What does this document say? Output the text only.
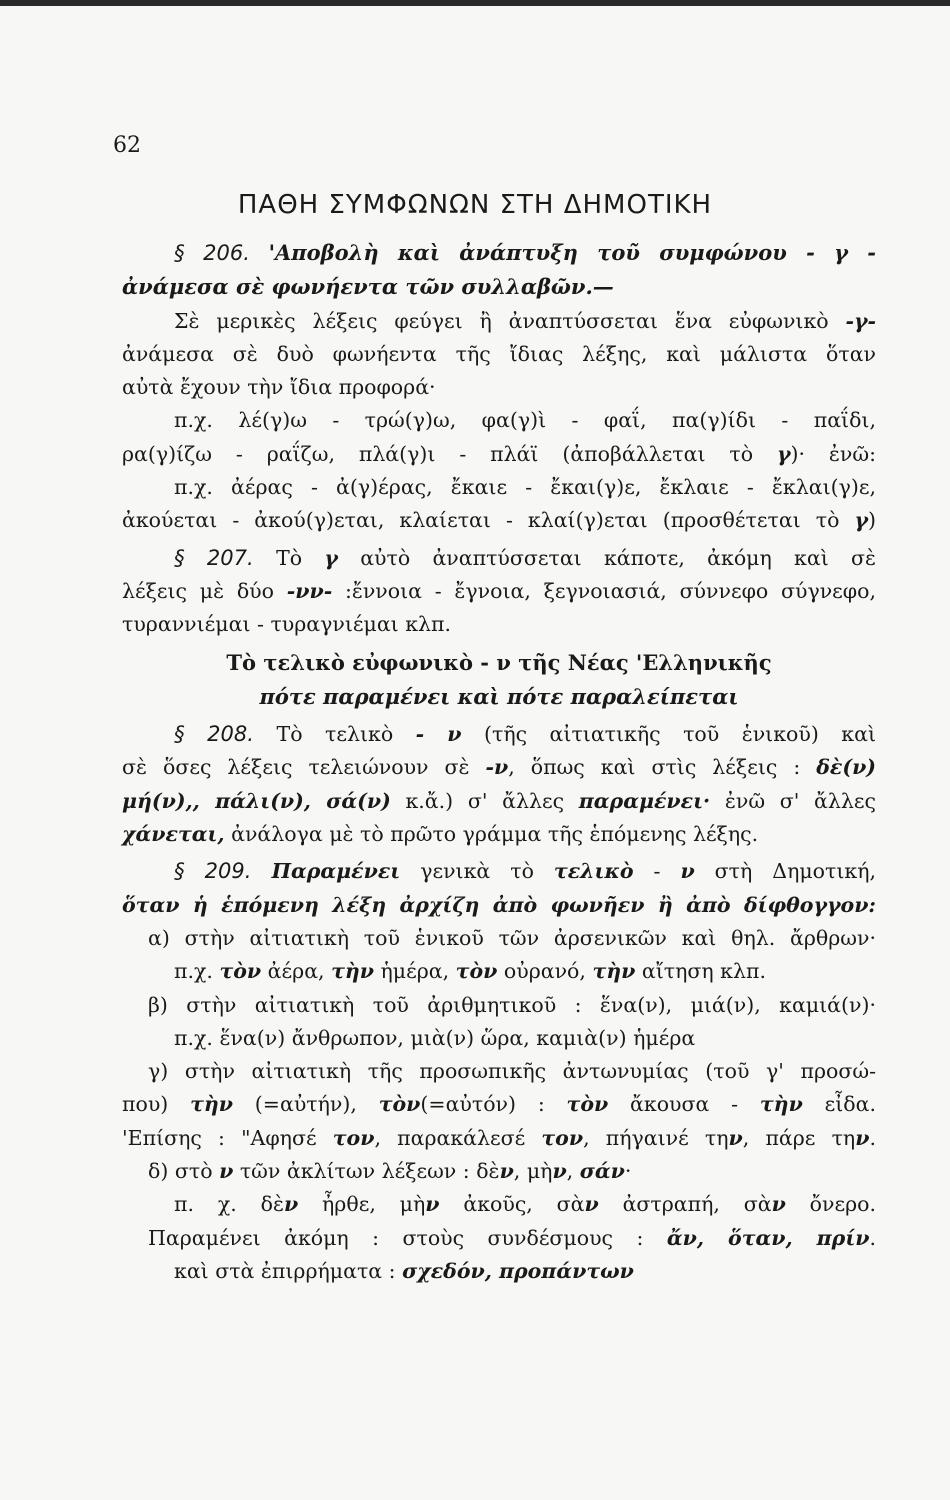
62
ΠΑΘΗ ΣΥΜΦΩΝΩΝ ΣΤΗ ΔΗΜΟΤΙΚΗ
§ 206. 'Αποβολὴ καὶ ἀνάπτυξη τοῦ συμφώνου - γ -
ἀνάμεσα σὲ φωνήεντα τῶν συλλαβῶν.—
Σὲ μερικὲς λέξεις φεύγει ἢ ἀναπτύσσεται ἕνα εὐφωνικὸ -γ-
ἀνάμεσα σὲ δυὸ φωνήεντα τῆς ἴδιας λέξης, καὶ μάλιστα ὅταν
αὐτὰ ἔχουν τὴν ἴδια προφορά·
π.χ. λέ(γ)ω - τρώ(γ)ω, φα(γ)ὶ - φαΐ, πα(γ)ίδι - παΐδι,
ρα(γ)ίζω - ραΐζω, πλά(γ)ι - πλάϊ (ἀποβάλλεται τὸ γ)· ἐνῶ:
π.χ. ἀέρας - ἀ(γ)έρας, ἔκαιε - ἔκαι(γ)ε, ἔκλαιε - ἔκλαι(γ)ε,
ἀκούεται - ἀκού(γ)εται, κλαίεται - κλαί(γ)εται (προσθέτεται τὸ γ)
§ 207. Τὸ γ αὐτὸ ἀναπτύσσεται κάποτε, ἀκόμη καὶ σὲ
λέξεις μὲ δύο -νν- :ἔννοια - ἔγνοια, ξεγνοιασιά, σύννεφο σύγνεφο,
τυραννιέμαι - τυραγνιέμαι κλπ.
Τὸ τελικὸ εὐφωνικὸ - ν τῆς Νέας 'Ελληνικῆς
πότε παραμένει καὶ πότε παραλείπεται
§ 208. Τὸ τελικὸ - ν (τῆς αἰτιατικῆς τοῦ ἑνικοῦ) καὶ
σὲ ὅσες λέξεις τελειώνουν σὲ -ν, ὅπως καὶ στὶς λέξεις : δὲ(ν)
μή(ν),, πάλι(ν), σά(ν) κ.ἄ.) σ' ἄλλες παραμένει· ἐνῶ σ' ἄλλες
χάνεται, ἀνάλογα μὲ τὸ πρῶτο γράμμα τῆς ἑπόμενης λέξης.
§ 209. Παραμένει γενικὰ τὸ τελικὸ - ν στὴ Δημοτική,
ὅταν ἡ ἑπόμενη λέξη ἀρχίζη ἀπὸ φωνῆεν ἢ ἀπὸ δίφθογγον:
α) στὴν αἰτιατικὴ τοῦ ἑνικοῦ τῶν ἀρσενικῶν καὶ θηλ. ἄρθρων·
π.χ. τὸν ἀέρα, τὴν ἡμέρα, τὸν οὐρανό, τὴν αἴτηση κλπ.
β) στὴν αἰτιατικὴ τοῦ ἀριθμητικοῦ : ἕνα(ν), μιά(ν), καμιά(ν)·
π.χ. ἕνα(ν) ἄνθρωπον, μιὰ(ν) ὥρα, καμιὰ(ν) ἡμέρα
γ) στὴν αἰτιατικὴ τῆς προσωπικῆς ἀντωνυμίας (τοῦ γ' προσώ-
που) τὴν (=αὐτήν), τὸν(=αὐτόν) : τὸν ἄκουσα - τὴν εἶδα.
'Επίσης : "Αφησέ τον, παρακάλεσέ τον, πήγαινέ την, πάρε την.
δ) στὸ ν τῶν ἀκλίτων λέξεων : δὲν, μὴν, σάν·
π. χ. δὲν ἦρθε, μὴν ἀκοῦς, σὰν ἀστραπή, σὰν ὄνερο.
Παραμένει ἀκόμη : στοὺς συνδέσμους : ἄν, ὅταν, πρίν.
καὶ στὰ ἐπιρρήματα : σχεδόν, προπάντων
